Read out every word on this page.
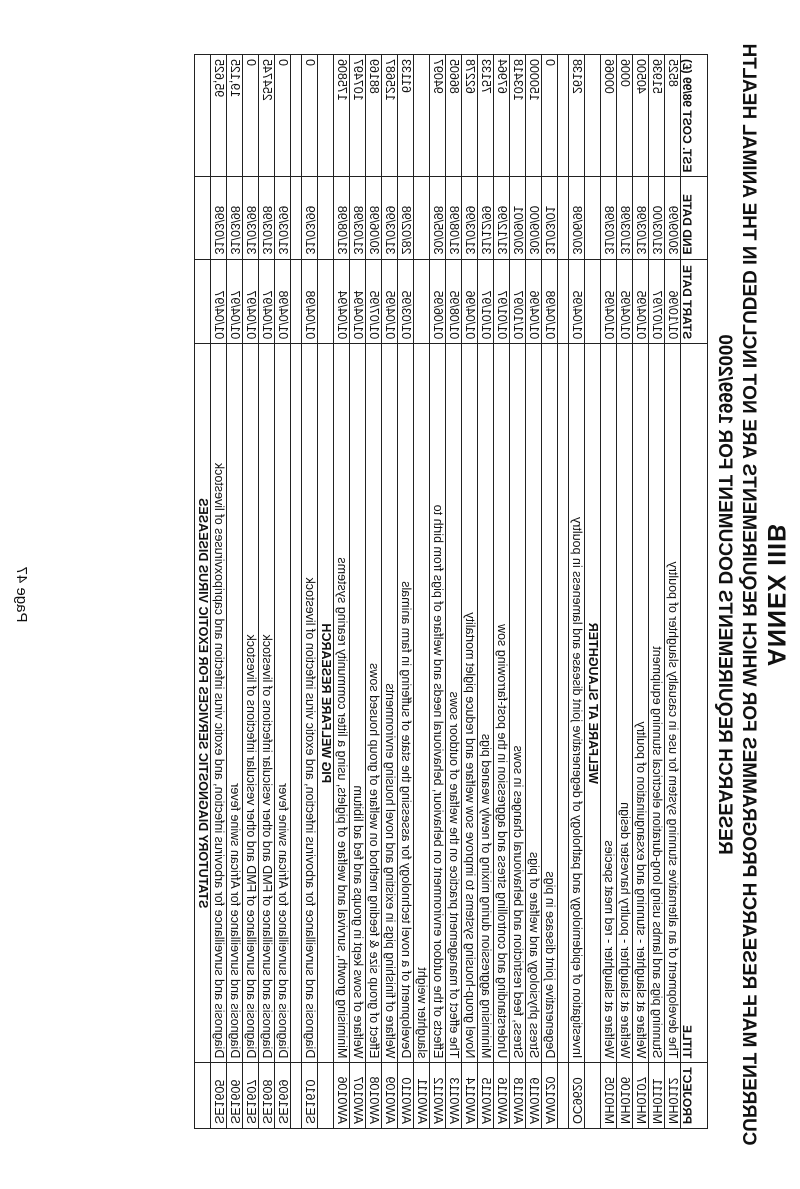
ANNEX IIIB
CURRENT MAFF RESEARCH PROGRAMMES FOR WHICH REQUIREMENTS ARE NOT INCLUDED IN THE ANIMAL HEALTH
RESEARCH REQUIREMENTS DOCUMENT FOR 1999/2000
PROJECT	TITLE	START DATE	END DATE	EST. COST 98/99 (£)
MH0112	The development of an alternative stunning system for use in casualty slaughter of poultry	01/10/96	30/09/99	8525
MH0111	Stunning pigs and lambs using long-duration electrical stunning equipment	01/07/97	31/03/00	51936
MH0107	Welfare at slaughter - stunning and exsanguination of poultry	01/04/95	31/03/98	40500
MH0106	Welfare at slaughter - poultry harvester design	01/04/95	31/03/98	0006
MH0105	Welfare at slaughter - red meat species	01/04/95	31/03/98	00066
	WELFARE AT SLAUGHTER			
OC9620	Investigation of epidemiology and pathology of degenerative joint disease and lameness in poultry	01/04/95	30/06/98	26138

AW0120	Degenerative joint disease in pigs	01/04/98	31/03/01	0
AW0119	Stress physiology and welfare of pigs	01/04/96	30/09/00	150000
AW0118	Stress, feed restriction and behavioural changes in sows	01/10/97	30/09/01	103418
AW0116	Understanding and controlling stress and aggression in the post-farrowing sow	01/01/97	31/12/99	67964
AW0115	Minimising aggression during mixing of newly weaned pigs	01/01/97	31/12/99	75133
AW0114	Novel group-housing systems to improve sow welfare and reduce piglet mortality	01/04/96	31/03/99	62278
AW0113	The effect of management practice on the welfare of outdoor sows	01/08/95	31/08/98	86605
AW0112	Effects of the outdoor environment on behaviour, behavioural needs and welfare of pigs from birth to	01/06/95	30/05/98	94097
AW0111	slaughter weight			
AW0110	Development of a novel technology for assessing the state of suffering in farm animals	01/03/95	28/02/98	61133
AW0109	Welfare of finishing pigs in existing and novel housing environments	01/04/95	31/03/99	125687
AW0108	Effect of group size & feeding method on welfare of group housed sows	01/07/95	30/06/98	88169
AW0107	Welfare of sows kept in groups and fed ad libitum	01/04/94	31/03/98	107497
AW0106	Minimising growth, survival and welfare of piglets, using a litter community rearing systems	01/04/94	31/08/98	175806
	PIG WELFARE RESEARCH			
SE1610	Diagnosis and surveillance for arbovirus infection, and exotic virus infection of livestock	01/04/98	31/03/99	0

SE1609	Diagnosis and surveillance for African swine fever	01/04/98	31/03/99	0
SE1608	Diagnosis and surveillance of FMD and other vesicular infections of livestock	01/04/97	31/03/98	254745
SE1607	Diagnosis and surveillance of FMD and other vesicular infections of livestock	01/04/97	31/03/98	0
SE1606	Diagnosis and surveillance for African swine fever	01/04/97	31/03/98	19,125
SE1605	Diagnosis and surveillance for arbovirus infection, and exotic virus infection and capripoxviruses of livestock	01/04/97	31/03/98	95,625
	STATUTORY DIAGNOSTIC SERVICES FOR EXOTIC VIRUS DISEASES			
Page 47
